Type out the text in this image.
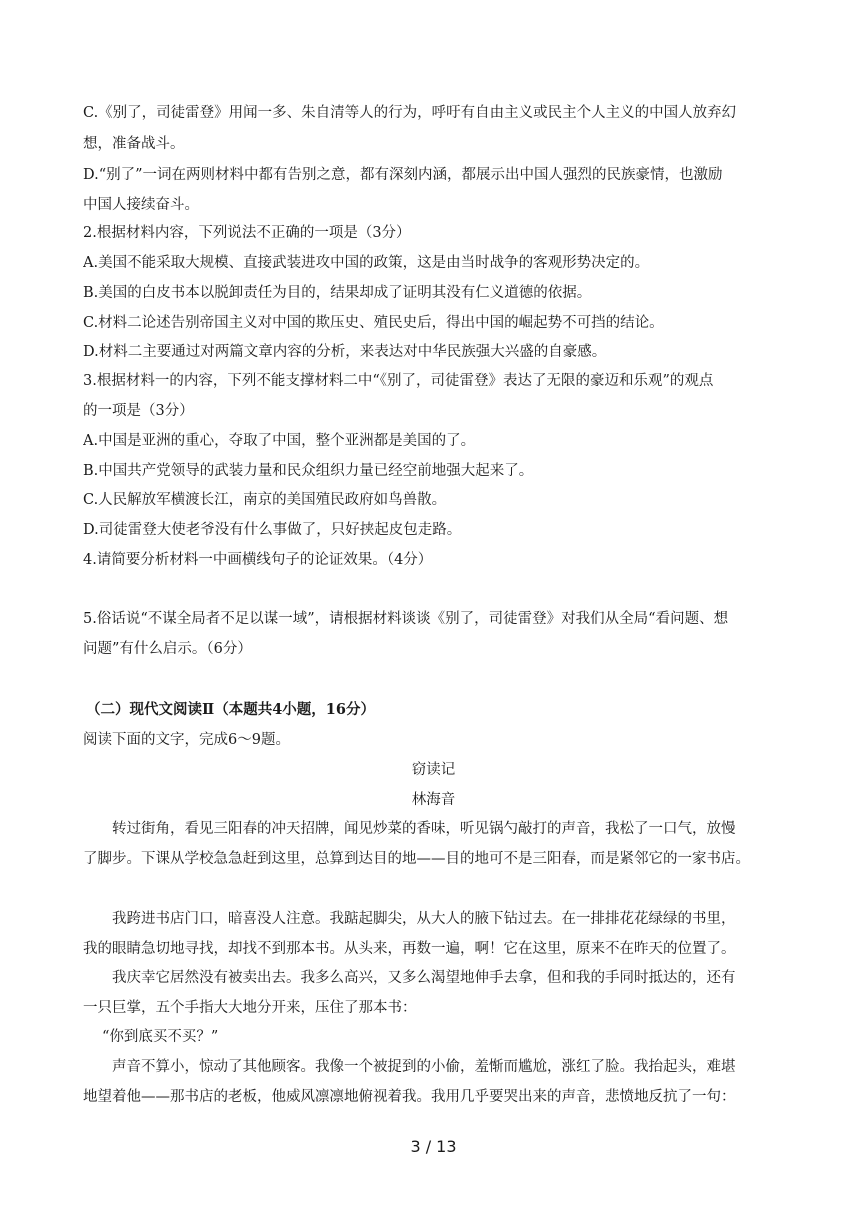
C.《别了，司徒雷登》用闻一多、朱自清等人的行为，呼吁有自由主义或民主个人主义的中国人放弃幻
想，准备战斗。
D.“别了”一词在两则材料中都有告别之意，都有深刻内涵，都展示出中国人强烈的民族豪情，也激励
中国人接续奋斗。
2.根据材料内容，下列说法不正确的一项是（3分）
A.美国不能采取大规模、直接武装进攻中国的政策，这是由当时战争的客观形势决定的。
B.美国的白皮书本以脱卸责任为目的，结果却成了证明其没有仁义道德的依据。
C.材料二论述告别帝国主义对中国的欺压史、殖民史后，得出中国的崛起势不可挡的结论。
D.材料二主要通过对两篇文章内容的分析，来表达对中华民族强大兴盛的自豪感。
3.根据材料一的内容，下列不能支撑材料二中“《别了，司徒雷登》表达了无限的豪迈和乐观”的观点
的一项是（3分）
A.中国是亚洲的重心，夺取了中国，整个亚洲都是美国的了。
B.中国共产党领导的武装力量和民众组织力量已经空前地强大起来了。
C.人民解放军横渡长江，南京的美国殖民政府如鸟兽散。
D.司徒雷登大使老爷没有什么事做了，只好挟起皮包走路。
4.请简要分析材料一中画横线句子的论证效果。（4分）
5.俗话说“不谋全局者不足以谋一域”，请根据材料谈谈《别了，司徒雷登》对我们从全局“看问题、想
问题”有什么启示。（6分）
（二）现代文阅读Ⅱ（本题共4小题，16分）
阅读下面的文字，完成6～9题。
窃读记
林海音
转过街角，看见三阳春的冲天招牌，闻见炒菜的香味，听见锅勺敲打的声音，我松了一口气，放慢
了脚步。下课从学校急急赶到这里，总算到达目的地——目的地可不是三阳春，而是紧邻它的一家书店。
我跨进书店门口，暗喜没人注意。我踮起脚尖，从大人的腋下钻过去。在一排排花花绿绿的书里，
我的眼睛急切地寻找，却找不到那本书。从头来，再数一遍，啊！它在这里，原来不在昨天的位置了。
我庆幸它居然没有被卖出去。我多么高兴，又多么渴望地伸手去拿，但和我的手同时抵达的，还有
一只巨掌，五个手指大大地分开来，压住了那本书：
“你到底买不买？”
声音不算小，惊动了其他顾客。我像一个被捉到的小偷，羞惭而尴尬，涨红了脸。我抬起头，难堪
地望着他——那书店的老板，他威风凛凛地俯视着我。我用几乎要哭出来的声音，悲愤地反抗了一句：
3 / 13
